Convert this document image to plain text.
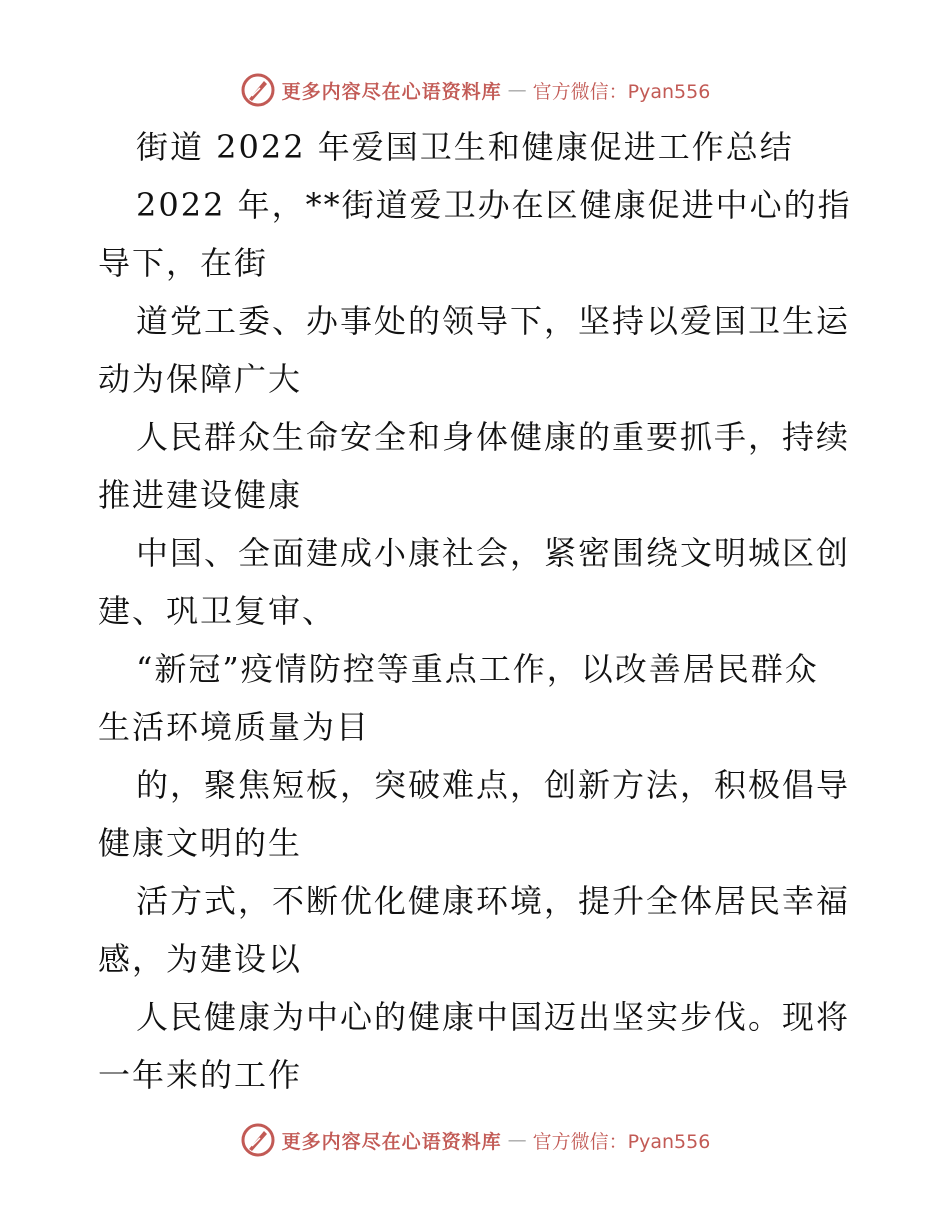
更多内容尽在心语资料库 — 官方微信：Pyan556
街道 2022 年爱国卫生和健康促进工作总结
2022 年，**街道爱卫办在区健康促进中心的指
导下，在街
道党工委、办事处的领导下，坚持以爱国卫生运
动为保障广大
人民群众生命安全和身体健康的重要抓手，持续
推进建设健康
中国、全面建成小康社会，紧密围绕文明城区创
建、巩卫复审、
“新冠”疫情防控等重点工作，以改善居民群众
生活环境质量为目
的，聚焦短板，突破难点，创新方法，积极倡导
健康文明的生
活方式，不断优化健康环境，提升全体居民幸福
感，为建设以
人民健康为中心的健康中国迈出坚实步伐。现将
一年来的工作
更多内容尽在心语资料库 — 官方微信：Pyan556
